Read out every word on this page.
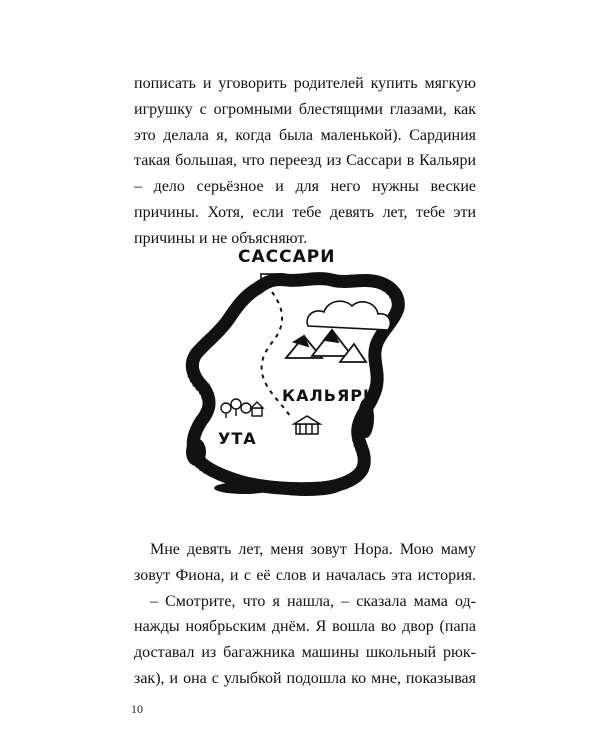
пописать и уговорить родителей купить мягкую
игрушку с огромными блестящими глазами, как
это делала я, когда была маленькой). Сардиния
такая большая, что переезд из Сассари в Кальяри
– дело серьёзное и для него нужны веские
причины. Хотя, если тебе девять лет, тебе эти
причины и не объясняют.
САССАРИ
КАЛЬЯРИ
УТА
Мне девять лет, меня зовут Нора. Мою маму
зовут Фиона, и с её слов и началась эта история.
– Смотрите, что я нашла, – сказала мама од-
нажды ноябрьским днём. Я вошла во двор (папа
доставал из багажника машины школьный рюк-
зак), и она с улыбкой подошла ко мне, показывая
10
